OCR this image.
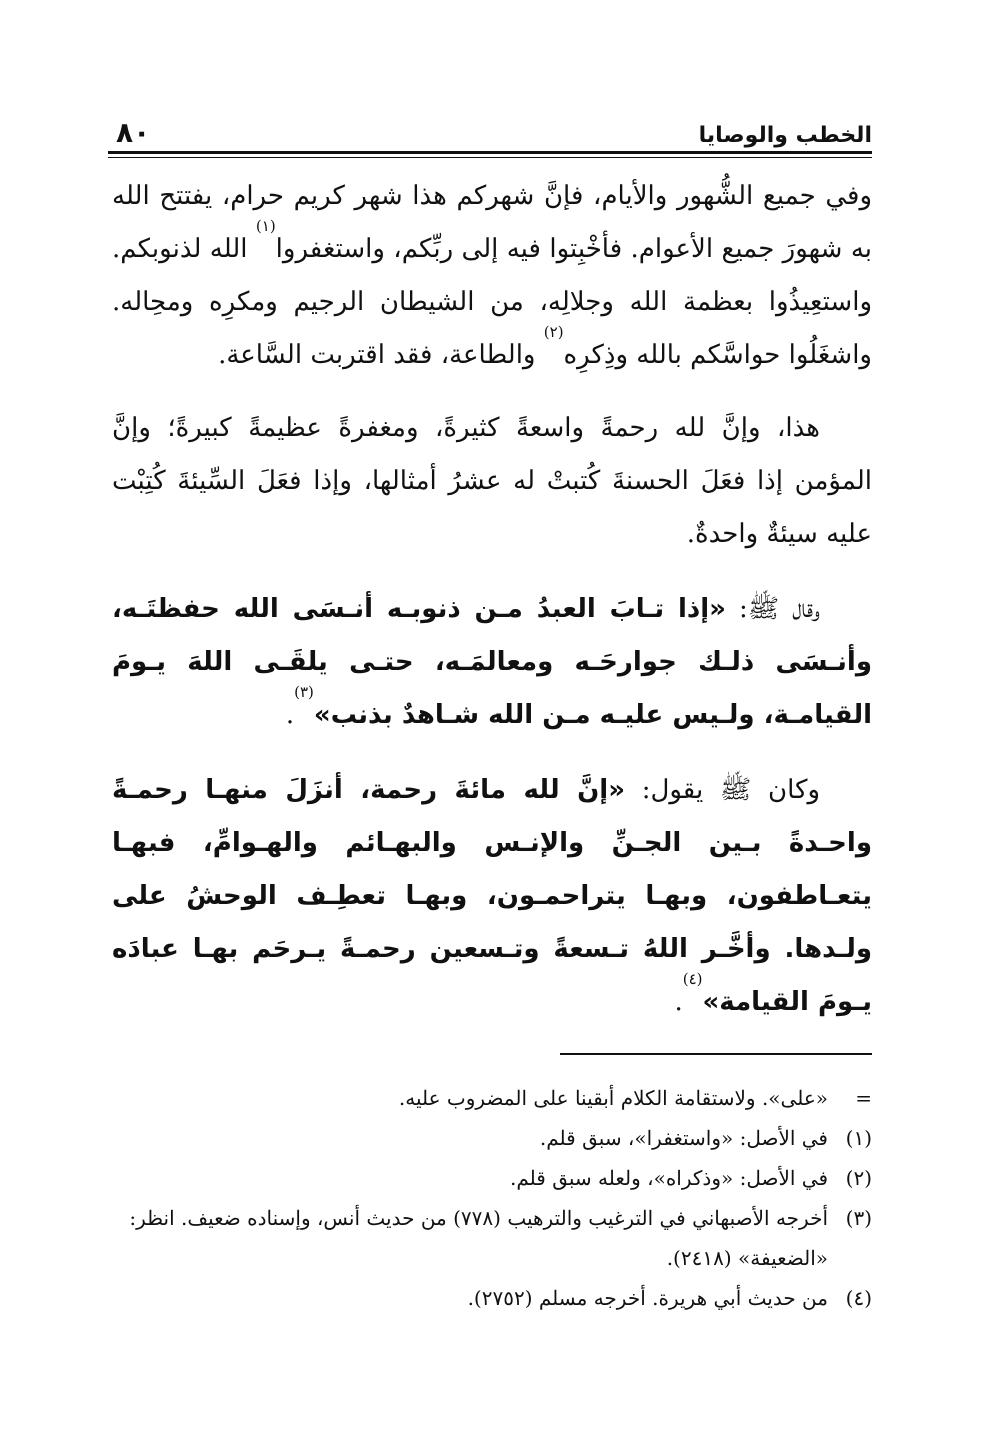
الخطب والوصايا
٨٠

وفي جميع الشُّهور والأيام، فإنَّ شهركم هذا شهر كريم حرام، يفتتح الله به شهورَ جميع الأعوام. فأخْبِتوا فيه إلى ربِّكم، واستغفروا$^{(١)}$ الله لذنوبكم. واستعِيذُوا بعظمة الله وجلالِه، من الشيطان الرجيم ومكرِه ومحِاله. واشغَلُوا حواسَّكم بالله وذِكرِه$^{(٢)}$ والطاعة، فقد اقتربت السَّاعة.

هذا، وإنَّ لله رحمةً واسعةً كثيرةً، ومغفرةً عظيمةً كبيرةً؛ وإنَّ المؤمن إذا فعَلَ الحسنةَ كُتبتْ له عشرُ أمثالها، وإذا فعَلَ السِّيئةَ كُتِبْت عليه سيئةٌ واحدةٌ.

وقال ﷺ: «إذا تـابَ العبدُ مـن ذنوبـه أنـسَى الله حفظتَـه، وأنـسَى ذلـك جوارحَـه ومعالمَـه، حتـى يلقَـى اللهَ يـومَ القيامـة، ولـيس عليـه مـن الله شـاهدٌ بذنب»$^{(٣)}$.

وكان ﷺ يقول: «إنَّ لله مائةَ رحمة، أنزَلَ منهـا رحمـةً واحـدةً بـين الجـنِّ والإنـس والبهـائم والهـوامِّ، فبهـا يتعـاطفون، وبهـا يتراحمـون، وبهـا تعطِـف الوحشُ على ولـدها. وأخَّـر اللهُ تـسعةً وتـسعين رحمـةً يـرحَم بهـا عبادَه يـومَ القيامة»$^{(٤)}$.

=
«على». ولاستقامة الكلام أبقينا على المضروب عليه.

(١)
في الأصل: «واستغفرا»، سبق قلم.

(٢)
في الأصل: «وذكراه»، ولعله سبق قلم.

(٣)
أخرجه الأصبهاني في الترغيب والترهيب (٧٧٨) من حديث أنس، وإسناده ضعيف. انظر: «الضعيفة» (٢٤١٨).

(٤)
من حديث أبي هريرة. أخرجه مسلم (٢٧٥٢).
